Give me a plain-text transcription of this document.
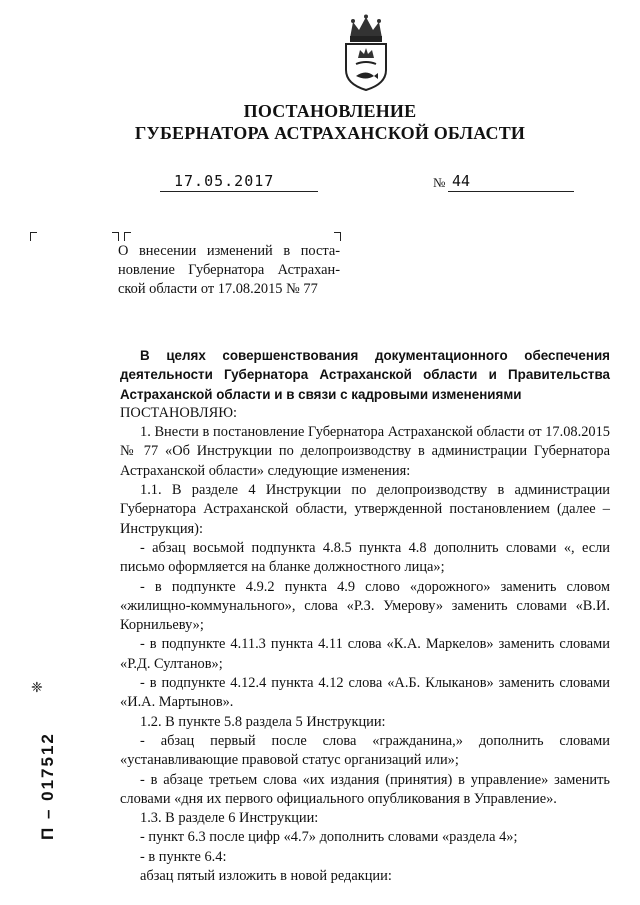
ПОСТАНОВЛЕНИЕ
ГУБЕРНАТОРА АСТРАХАНСКОЙ ОБЛАСТИ
17.05.2017	№ 44
О внесении изменений в поста-
новление Губернатора Астрахан-
ской области от 17.08.2015 № 77

В целях совершенствования документационного обеспечения деятельности Губернатора Астраханской области и Правительства Астраханской области и в связи с кадровыми изменениями

ПОСТАНОВЛЯЮ:

1. Внести в постановление Губернатора Астраханской области от 17.08.2015 № 77 «Об Инструкции по делопроизводству в администрации Губернатора Астраханской области» следующие изменения:

1.1. В разделе 4 Инструкции по делопроизводству в администрации Губернатора Астраханской области, утвержденной постановлением (далее – Инструкция):

- абзац восьмой подпункта 4.8.5 пункта 4.8 дополнить словами «, если письмо оформляется на бланке должностного лица»;

- в подпункте 4.9.2 пункта 4.9 слово «дорожного» заменить словом «жилищно-коммунального», слова «Р.З. Умерову» заменить словами «В.И. Корнильеву»;

- в подпункте 4.11.3 пункта 4.11 слова «К.А. Маркелов» заменить словами «Р.Д. Султанов»;

- в подпункте 4.12.4 пункта 4.12 слова «А.Б. Клыканов» заменить словами «И.А. Мартынов».

1.2. В пункте 5.8 раздела 5 Инструкции:

- абзац первый после слова «гражданина,» дополнить словами «устанавливающие правовой статус организаций или»;

- в абзаце третьем слова «их издания (принятия) в управление» заменить словами «дня их первого официального опубликования в Управление».

1.3. В разделе 6 Инструкции:

- пункт 6.3 после цифр «4.7» дополнить словами «раздела 4»;

- в пункте 6.4:

абзац пятый изложить в новой редакции:

❈
П – 017512
